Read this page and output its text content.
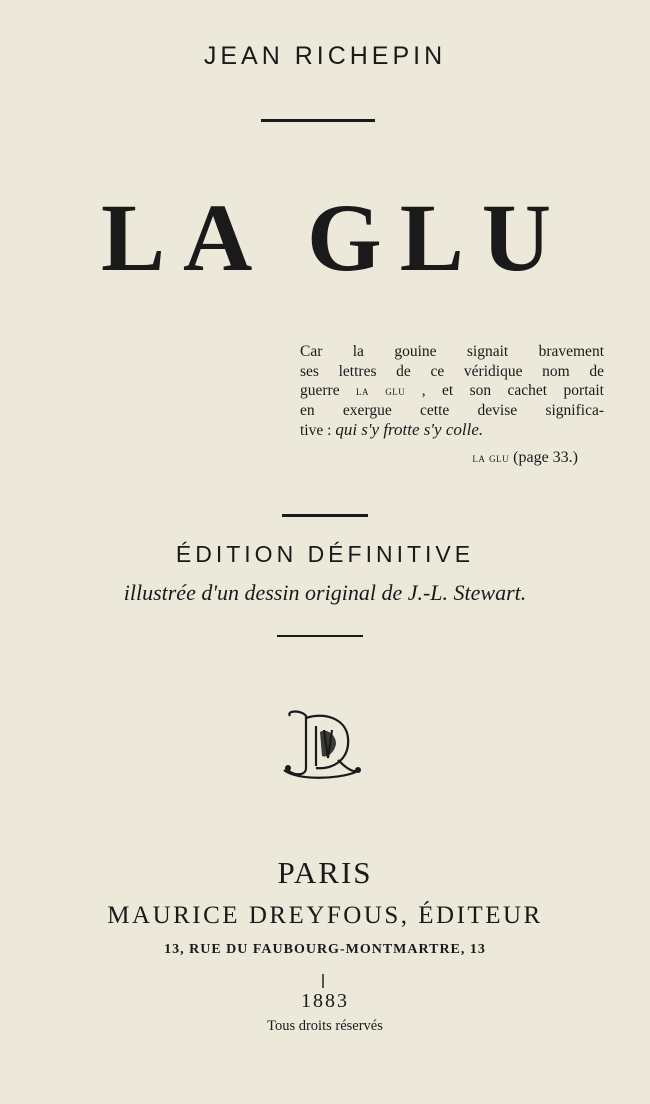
JEAN RICHEPIN
LA GLU
Car la gouine signait bravement
ses lettres de ce véridique nom de
guerre la glu , et son cachet portait
en exergue cette devise significa-
tive : qui s'y frotte s'y colle.
la glu (page 33.)
ÉDITION DÉFINITIVE
illustrée d'un dessin original de J.-L. Stewart.
PARIS
MAURICE DREYFOUS, ÉDITEUR
13, RUE DU FAUBOURG-MONTMARTRE, 13
1883
Tous droits réservés
